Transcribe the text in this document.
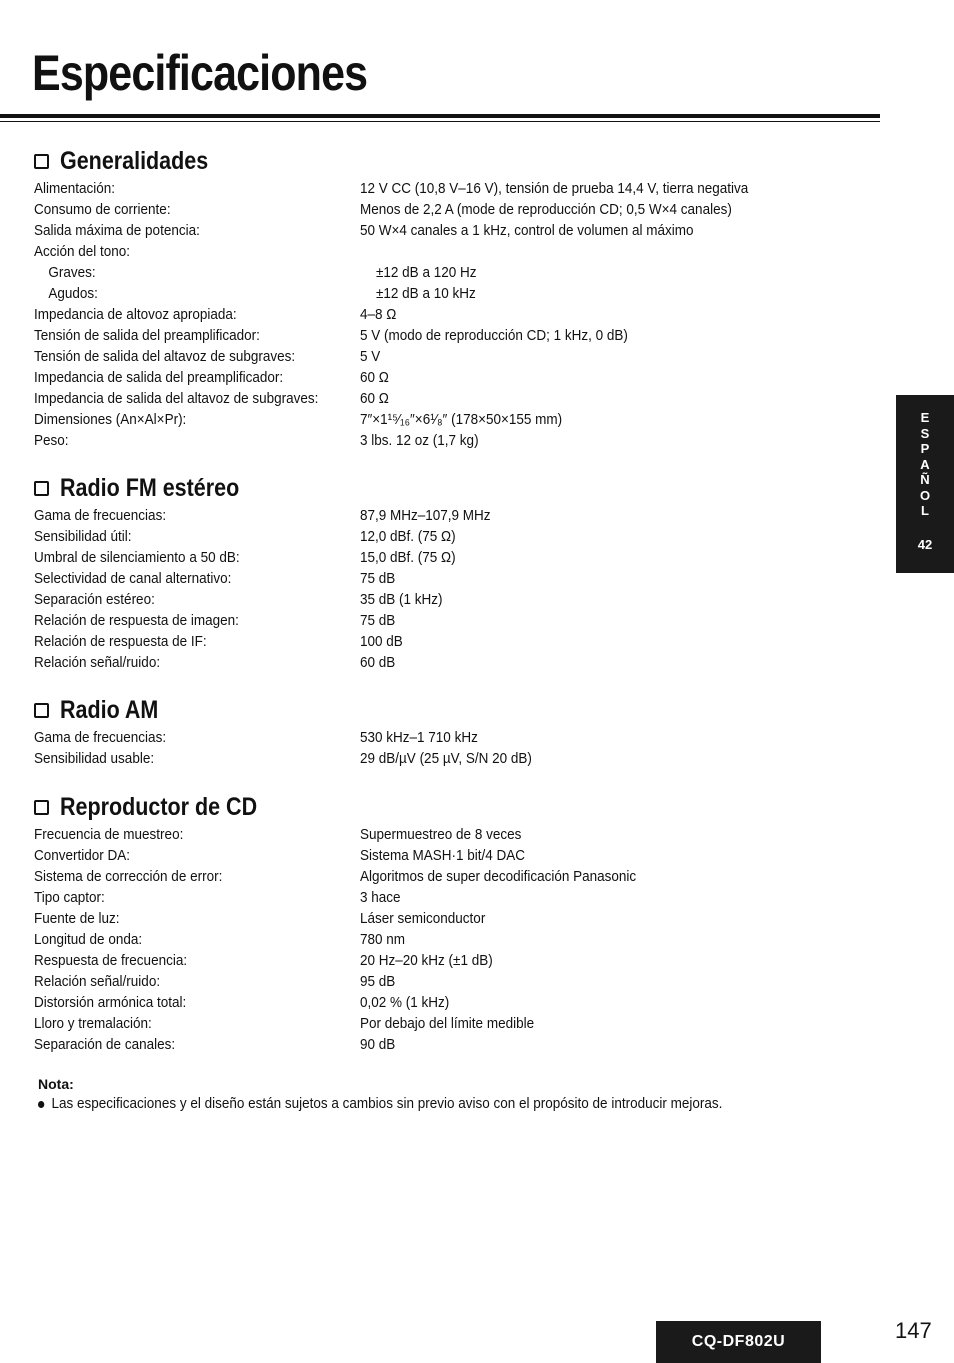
Especificaciones
Generalidades
Alimentación:	12 V CC (10,8 V–16 V), tensión de prueba 14,4 V, tierra negativa
Consumo de corriente:	Menos de 2,2 A (mode de reproducción CD; 0,5 W×4 canales)
Salida máxima de potencia:	50 W×4 canales a 1 kHz, control de volumen al máximo
Acción del tono:
Graves:	±12 dB a 120 Hz
Agudos:	±12 dB a 10 kHz
Impedancia de altovoz apropiada:	4–8 Ω
Tensión de salida del preamplificador:	5 V (modo de reproducción CD; 1 kHz, 0 dB)
Tensión de salida del altavoz de subgraves:	5 V
Impedancia de salida del preamplificador:	60 Ω
Impedancia de salida del altavoz de subgraves:	60 Ω
Dimensiones (An×Al×Pr):	7″×1¹⁵⁄₁₆″×6¹⁄₈″ (178×50×155 mm)
Peso:	3 lbs. 12 oz (1,7 kg)
Radio FM estéreo
Gama de frecuencias:	87,9 MHz–107,9 MHz
Sensibilidad útil:	12,0 dBf. (75 Ω)
Umbral de silenciamiento a 50 dB:	15,0 dBf. (75 Ω)
Selectividad de canal alternativo:	75 dB
Separación estéreo:	35 dB (1 kHz)
Relación de respuesta de imagen:	75 dB
Relación de respuesta de IF:	100 dB
Relación señal/ruido:	60 dB
Radio AM
Gama de frecuencias:	530 kHz–1 710 kHz
Sensibilidad usable:	29 dB/µV (25 µV, S/N 20 dB)
Reproductor de CD
Frecuencia de muestreo:	Supermuestreo de 8 veces
Convertidor DA:	Sistema MASH·1 bit/4 DAC
Sistema de corrección de error:	Algoritmos de super decodificación Panasonic
Tipo captor:	3 hace
Fuente de luz:	Láser semiconductor
Longitud de onda:	780 nm
Respuesta de frecuencia:	20 Hz–20 kHz (±1 dB)
Relación señal/ruido:	95 dB
Distorsión armónica total:	0,02 % (1 kHz)
Lloro y tremalación:	Por debajo del límite medible
Separación de canales:	90 dB
Nota:
Las especificaciones y el diseño están sujetos a cambios sin previo aviso con el propósito de introducir mejoras.
E
S
P
A
Ñ
O
L
42
CQ-DF802U	147
